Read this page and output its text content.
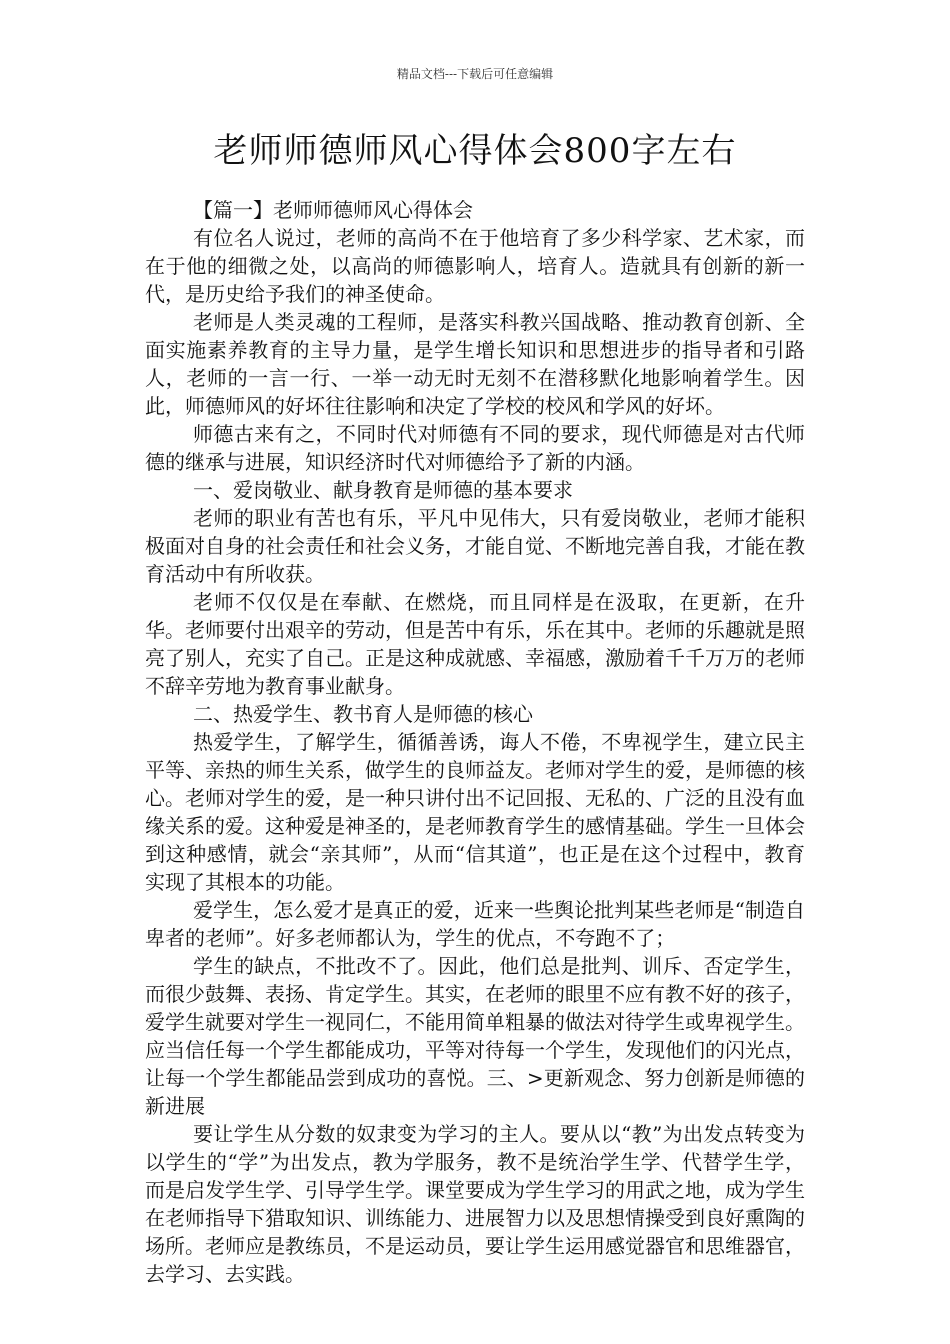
精品文档---下载后可任意编辑
老师师德师风心得体会800字左右

【篇一】老师师德师风心得体会

有位名人说过，老师的高尚不在于他培育了多少科学家、艺术家，而在于他的细微之处，以高尚的师德影响人，培育人。造就具有创新的新一代，是历史给予我们的神圣使命。

老师是人类灵魂的工程师，是落实科教兴国战略、推动教育创新、全面实施素养教育的主导力量，是学生增长知识和思想进步的指导者和引路人，老师的一言一行、一举一动无时无刻不在潜移默化地影响着学生。因此，师德师风的好坏往往影响和决定了学校的校风和学风的好坏。

师德古来有之，不同时代对师德有不同的要求，现代师德是对古代师德的继承与进展，知识经济时代对师德给予了新的内涵。

一、爱岗敬业、献身教育是师德的基本要求

老师的职业有苦也有乐，平凡中见伟大，只有爱岗敬业，老师才能积极面对自身的社会责任和社会义务，才能自觉、不断地完善自我，才能在教育活动中有所收获。

老师不仅仅是在奉献、在燃烧，而且同样是在汲取，在更新，在升华。老师要付出艰辛的劳动，但是苦中有乐，乐在其中。老师的乐趣就是照亮了别人，充实了自己。正是这种成就感、幸福感，激励着千千万万的老师不辞辛劳地为教育事业献身。

二、热爱学生、教书育人是师德的核心

热爱学生，了解学生，循循善诱，诲人不倦，不卑视学生，建立民主平等、亲热的师生关系，做学生的良师益友。老师对学生的爱，是师德的核心。老师对学生的爱，是一种只讲付出不记回报、无私的、广泛的且没有血缘关系的爱。这种爱是神圣的，是老师教育学生的感情基础。学生一旦体会到这种感情，就会“亲其师”，从而“信其道”，也正是在这个过程中，教育实现了其根本的功能。

爱学生，怎么爱才是真正的爱，近来一些舆论批判某些老师是“制造自卑者的老师”。好多老师都认为，学生的优点，不夸跑不了；

学生的缺点，不批改不了。因此，他们总是批判、训斥、否定学生，而很少鼓舞、表扬、肯定学生。其实，在老师的眼里不应有教不好的孩子，爱学生就要对学生一视同仁，不能用简单粗暴的做法对待学生或卑视学生。应当信任每一个学生都能成功，平等对待每一个学生，发现他们的闪光点，让每一个学生都能品尝到成功的喜悦。三、>更新观念、努力创新是师德的新进展

要让学生从分数的奴隶变为学习的主人。要从以“教”为出发点转变为以学生的“学”为出发点，教为学服务，教不是统治学生学、代替学生学，而是启发学生学、引导学生学。课堂要成为学生学习的用武之地，成为学生在老师指导下猎取知识、训练能力、进展智力以及思想情操受到良好熏陶的场所。老师应是教练员，不是运动员，要让学生运用感觉器官和思维器官，去学习、去实践。
